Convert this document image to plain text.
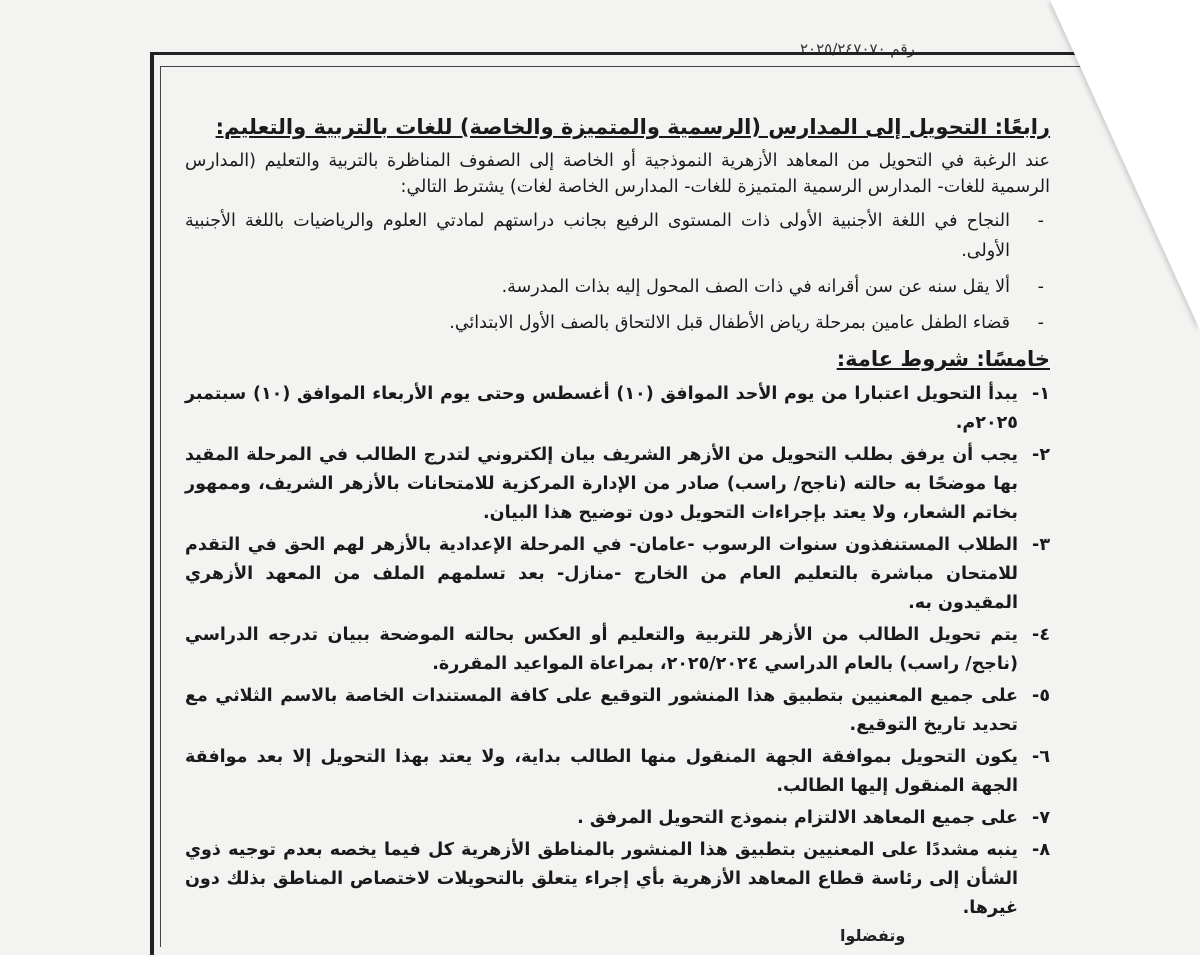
رقم ٢٠٢٥/٢٤٧٠٧٠
رابعًا: التحويل إلى المدارس (الرسمية والمتميزة والخاصة) للغات بالتربية والتعليم:
عند الرغبة في التحويل من المعاهد الأزهرية النموذجية أو الخاصة إلى الصفوف المناظرة بالتربية والتعليم (المدارس الرسمية للغات- المدارس الرسمية المتميزة للغات- المدارس الخاصة لغات) يشترط التالي:
-
النجاح في اللغة الأجنبية الأولى ذات المستوى الرفيع بجانب دراستهم لمادتي العلوم والرياضيات باللغة الأجنبية الأولى.
-
ألا يقل سنه عن سن أقرانه في ذات الصف المحول إليه بذات المدرسة.
-
قضاء الطفل عامين بمرحلة رياض الأطفال قبل الالتحاق بالصف الأول الابتدائي.
خامسًا: شروط عامة:
١-
يبدأ التحويل اعتبارا من يوم الأحد الموافق (١٠) أغسطس وحتى يوم الأربعاء الموافق (١٠) سبتمبر ٢٠٢٥م.
٢-
يجب أن يرفق بطلب التحويل من الأزهر الشريف بيان إلكتروني لتدرج الطالب في المرحلة المقيد بها موضحًا به حالته (ناجح/ راسب) صادر من الإدارة المركزية للامتحانات بالأزهر الشريف، وممهور بخاتم الشعار، ولا يعتد بإجراءات التحويل دون توضيح هذا البيان.
٣-
الطلاب المستنفذون سنوات الرسوب -عامان- في المرحلة الإعدادية بالأزهر لهم الحق في التقدم للامتحان مباشرة بالتعليم العام من الخارج -منازل- بعد تسلمهم الملف من المعهد الأزهري المقيدون به.
٤-
يتم تحويل الطالب من الأزهر للتربية والتعليم أو العكس بحالته الموضحة ببيان تدرجه الدراسي (ناجح/ راسب) بالعام الدراسي ٢٠٢٥/٢٠٢٤، بمراعاة المواعيد المقررة.
٥-
على جميع المعنيين بتطبيق هذا المنشور التوقيع على كافة المستندات الخاصة بالاسم الثلاثي مع تحديد تاريخ التوقيع.
٦-
يكون التحويل بموافقة الجهة المنقول منها الطالب بداية، ولا يعتد بهذا التحويل إلا بعد موافقة الجهة المنقول إليها الطالب.
٧-
على جميع المعاهد الالتزام بنموذج التحويل المرفق .
٨-
ينبه مشددًا على المعنيين بتطبيق هذا المنشور بالمناطق الأزهرية كل فيما يخصه بعدم توجيه ذوي الشأن إلى رئاسة قطاع المعاهد الأزهرية بأي إجراء يتعلق بالتحويلات لاختصاص المناطق بذلك دون غيرها.
وتفضلوا
